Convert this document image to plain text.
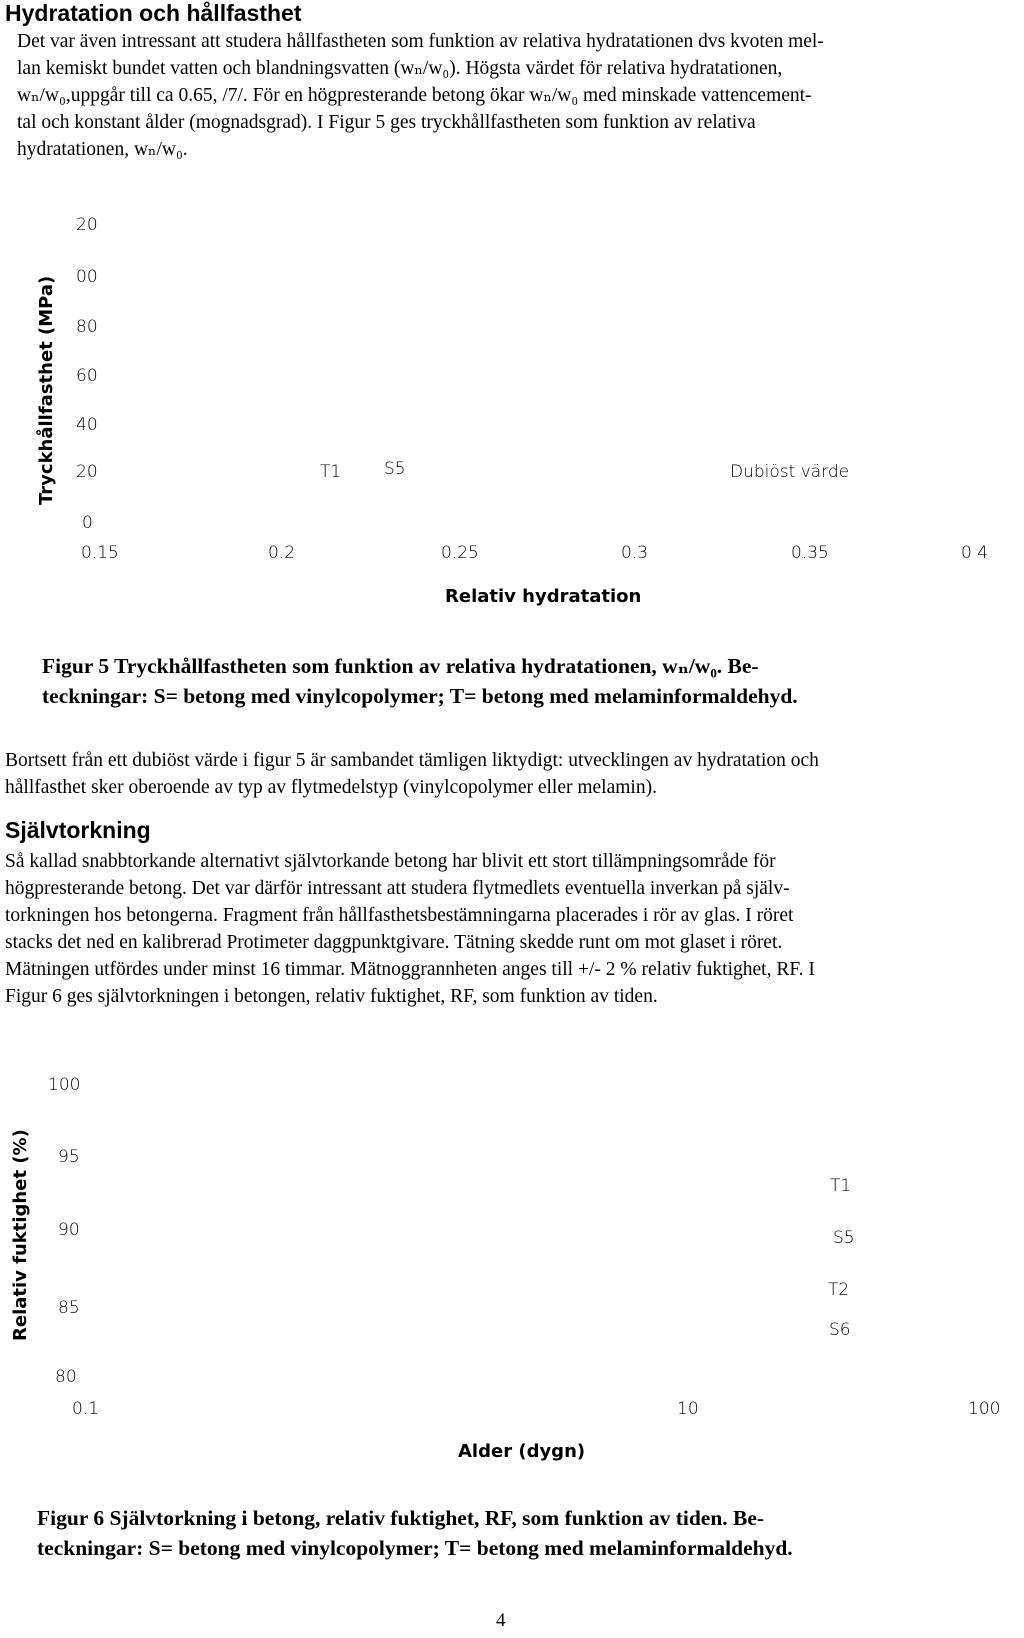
Hydratation och hållfasthet
Det var även intressant att studera hållfastheten som funktion av relativa hydratationen dvs kvoten mel-
lan kemiskt bundet vatten och blandningsvatten (wₙ/w₀). Högsta värdet för relativa hydratationen,
wₙ/w₀,uppgår till ca 0.65, /7/. För en högpresterande betong ökar wₙ/w₀ med minskade vattencement-
tal och konstant ålder (mognadsgrad). I Figur 5 ges tryckhållfastheten som funktion av relativa
hydratationen, wₙ/w₀.
Tryckhållfasthet (MPa)
20
00
80
60
40
20
0
0.15	0.2	0.25	0.3	0.35	0 4
T1	S5	Dubiöst värde
Relativ hydratation
Figur 5 Tryckhållfastheten som funktion av relativa hydratationen, wₙ/w₀. Be-
teckningar: S= betong med vinylcopolymer; T= betong med melaminformaldehyd.
Bortsett från ett dubiöst värde i figur 5 är sambandet tämligen liktydigt: utvecklingen av hydratation och
hållfasthet sker oberoende av typ av flytmedelstyp (vinylcopolymer eller melamin).
Självtorkning
Så kallad snabbtorkande alternativt självtorkande betong har blivit ett stort tillämpningsområde för
högpresterande betong. Det var därför intressant att studera flytmedlets eventuella inverkan på själv-
torkningen hos betongerna. Fragment från hållfasthetsbestämningarna placerades i rör av glas. I röret
stacks det ned en kalibrerad Protimeter daggpunktgivare. Tätning skedde runt om mot glaset i röret.
Mätningen utfördes under minst 16 timmar. Mätnoggrannheten anges till +/- 2 % relativ fuktighet, RF. I
Figur 6 ges självtorkningen i betongen, relativ fuktighet, RF, som funktion av tiden.
Relativ fuktighet (%)
100
95
90
85
80
0.1	10	100
T1
S5
T2
S6
Alder (dygn)
Figur 6 Självtorkning i betong, relativ fuktighet, RF, som funktion av tiden. Be-
teckningar: S= betong med vinylcopolymer; T= betong med melaminformaldehyd.
4
